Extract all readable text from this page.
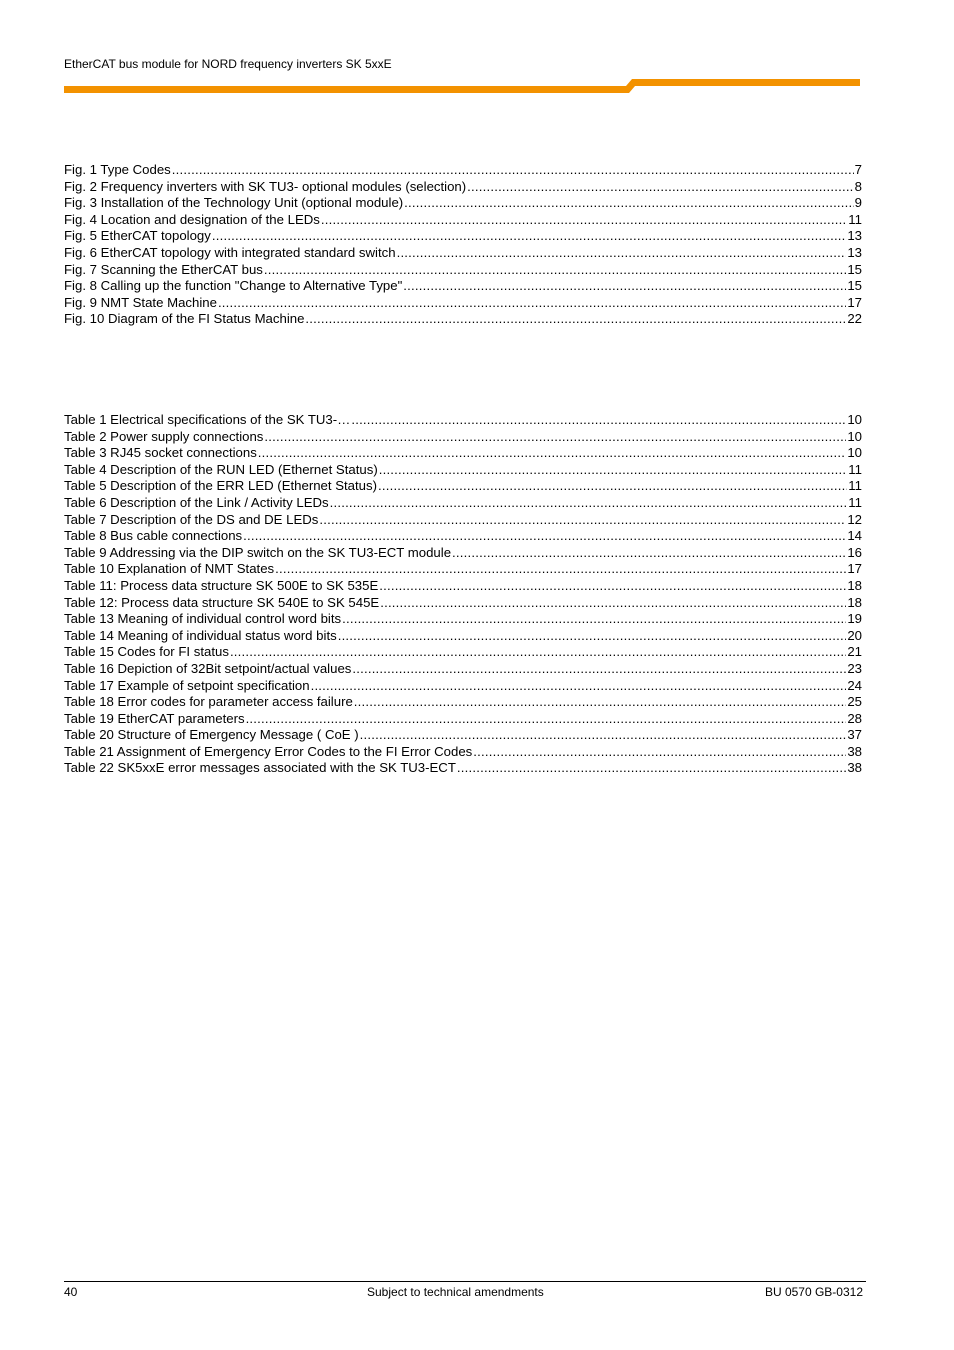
EtherCAT bus module for NORD frequency inverters SK 5xxE
Fig. 1 Type Codes .....	7
Fig. 2 Frequency inverters with SK TU3- optional modules (selection) .....	8
Fig. 3 Installation of the Technology Unit (optional module) .....	9
Fig. 4 Location and designation of the LEDs .....	11
Fig. 5 EtherCAT topology .....	13
Fig. 6 EtherCAT topology with integrated standard switch .....	13
Fig. 7 Scanning the EtherCAT bus .....	15
Fig. 8 Calling up the function "Change to Alternative Type" .....	15
Fig. 9 NMT State Machine .....	17
Fig. 10 Diagram of the FI Status Machine .....	22
Table 1 Electrical specifications of the SK TU3-… .....	10
Table 2 Power supply connections .....	10
Table 3 RJ45 socket connections .....	10
Table 4 Description of the RUN LED (Ethernet Status) .....	11
Table 5 Description of the ERR LED (Ethernet Status) .....	11
Table 6 Description of the Link / Activity LEDs .....	11
Table 7 Description of the DS and DE LEDs .....	12
Table 8 Bus cable connections .....	14
Table 9 Addressing via the DIP switch on the SK TU3-ECT module .....	16
Table 10 Explanation of NMT States .....	17
Table 11: Process data structure SK 500E to SK 535E .....	18
Table 12: Process data structure SK 540E to SK 545E .....	18
Table 13 Meaning of individual control word bits .....	19
Table 14 Meaning of individual status word bits .....	20
Table 15 Codes for FI status .....	21
Table 16 Depiction of 32Bit setpoint/actual values .....	23
Table 17 Example of setpoint specification .....	24
Table 18 Error codes for parameter access failure .....	25
Table 19 EtherCAT parameters .....	28
Table 20 Structure of Emergency Message ( CoE ) .....	37
Table 21 Assignment of Emergency Error Codes to the FI Error Codes .....	38
Table 22 SK5xxE error messages associated with the SK TU3-ECT .....	38
40	Subject to technical amendments	BU 0570 GB-0312
